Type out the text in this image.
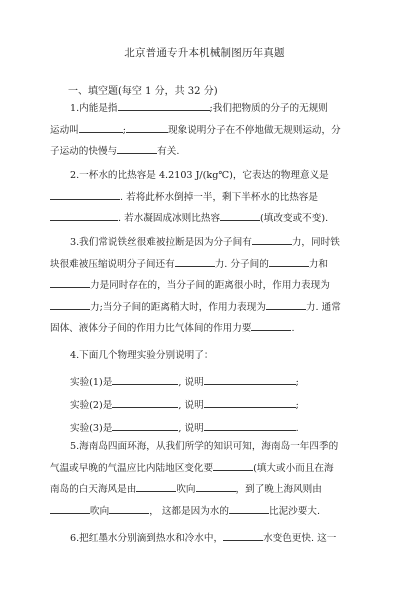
北京普通专升本机械制图历年真题
一、填空题(每空 1 分，共 32 分)

1.内能是指	;我们把物质的分子的无规则

运动叫	;	现象说明分子在不停地做无规则运动，分

子运动的快慢与	有关.

2.一杯水的比热容是 4.2103 J/(kg℃)，它表达的物理意义是

. 若将此杯水倒掉一半，剩下半杯水的比热容是

. 若水凝固成冰则比热容	(填改变或不变).

3.我们常说铁丝很难被拉断是因为分子间有	力，同时铁

块很难被压缩说明分子间还有	力. 分子间的	力和

力是同时存在的，当分子间的距离很小时，作用力表现为

力;当分子间的距离稍大时，作用力表现为	力. 通常

固体、液体分子间的作用力比气体间的作用力要	.

4.下面几个物理实验分别说明了：

实验(1)是	, 说明	;
实验(2)是	, 说明	;
实验(3)是	, 说明	.

5.海南岛四面环海，从我们所学的知识可知，海南岛一年四季的

气温或早晚的气温应比内陆地区变化要	(填大或小而且在海

南岛的白天海风是由	吹向	，到了晚上海风则由

吹向	， 这都是因为水的	比泥沙要大.

6.把红墨水分别滴到热水和冷水中，	水变色更快. 这一
